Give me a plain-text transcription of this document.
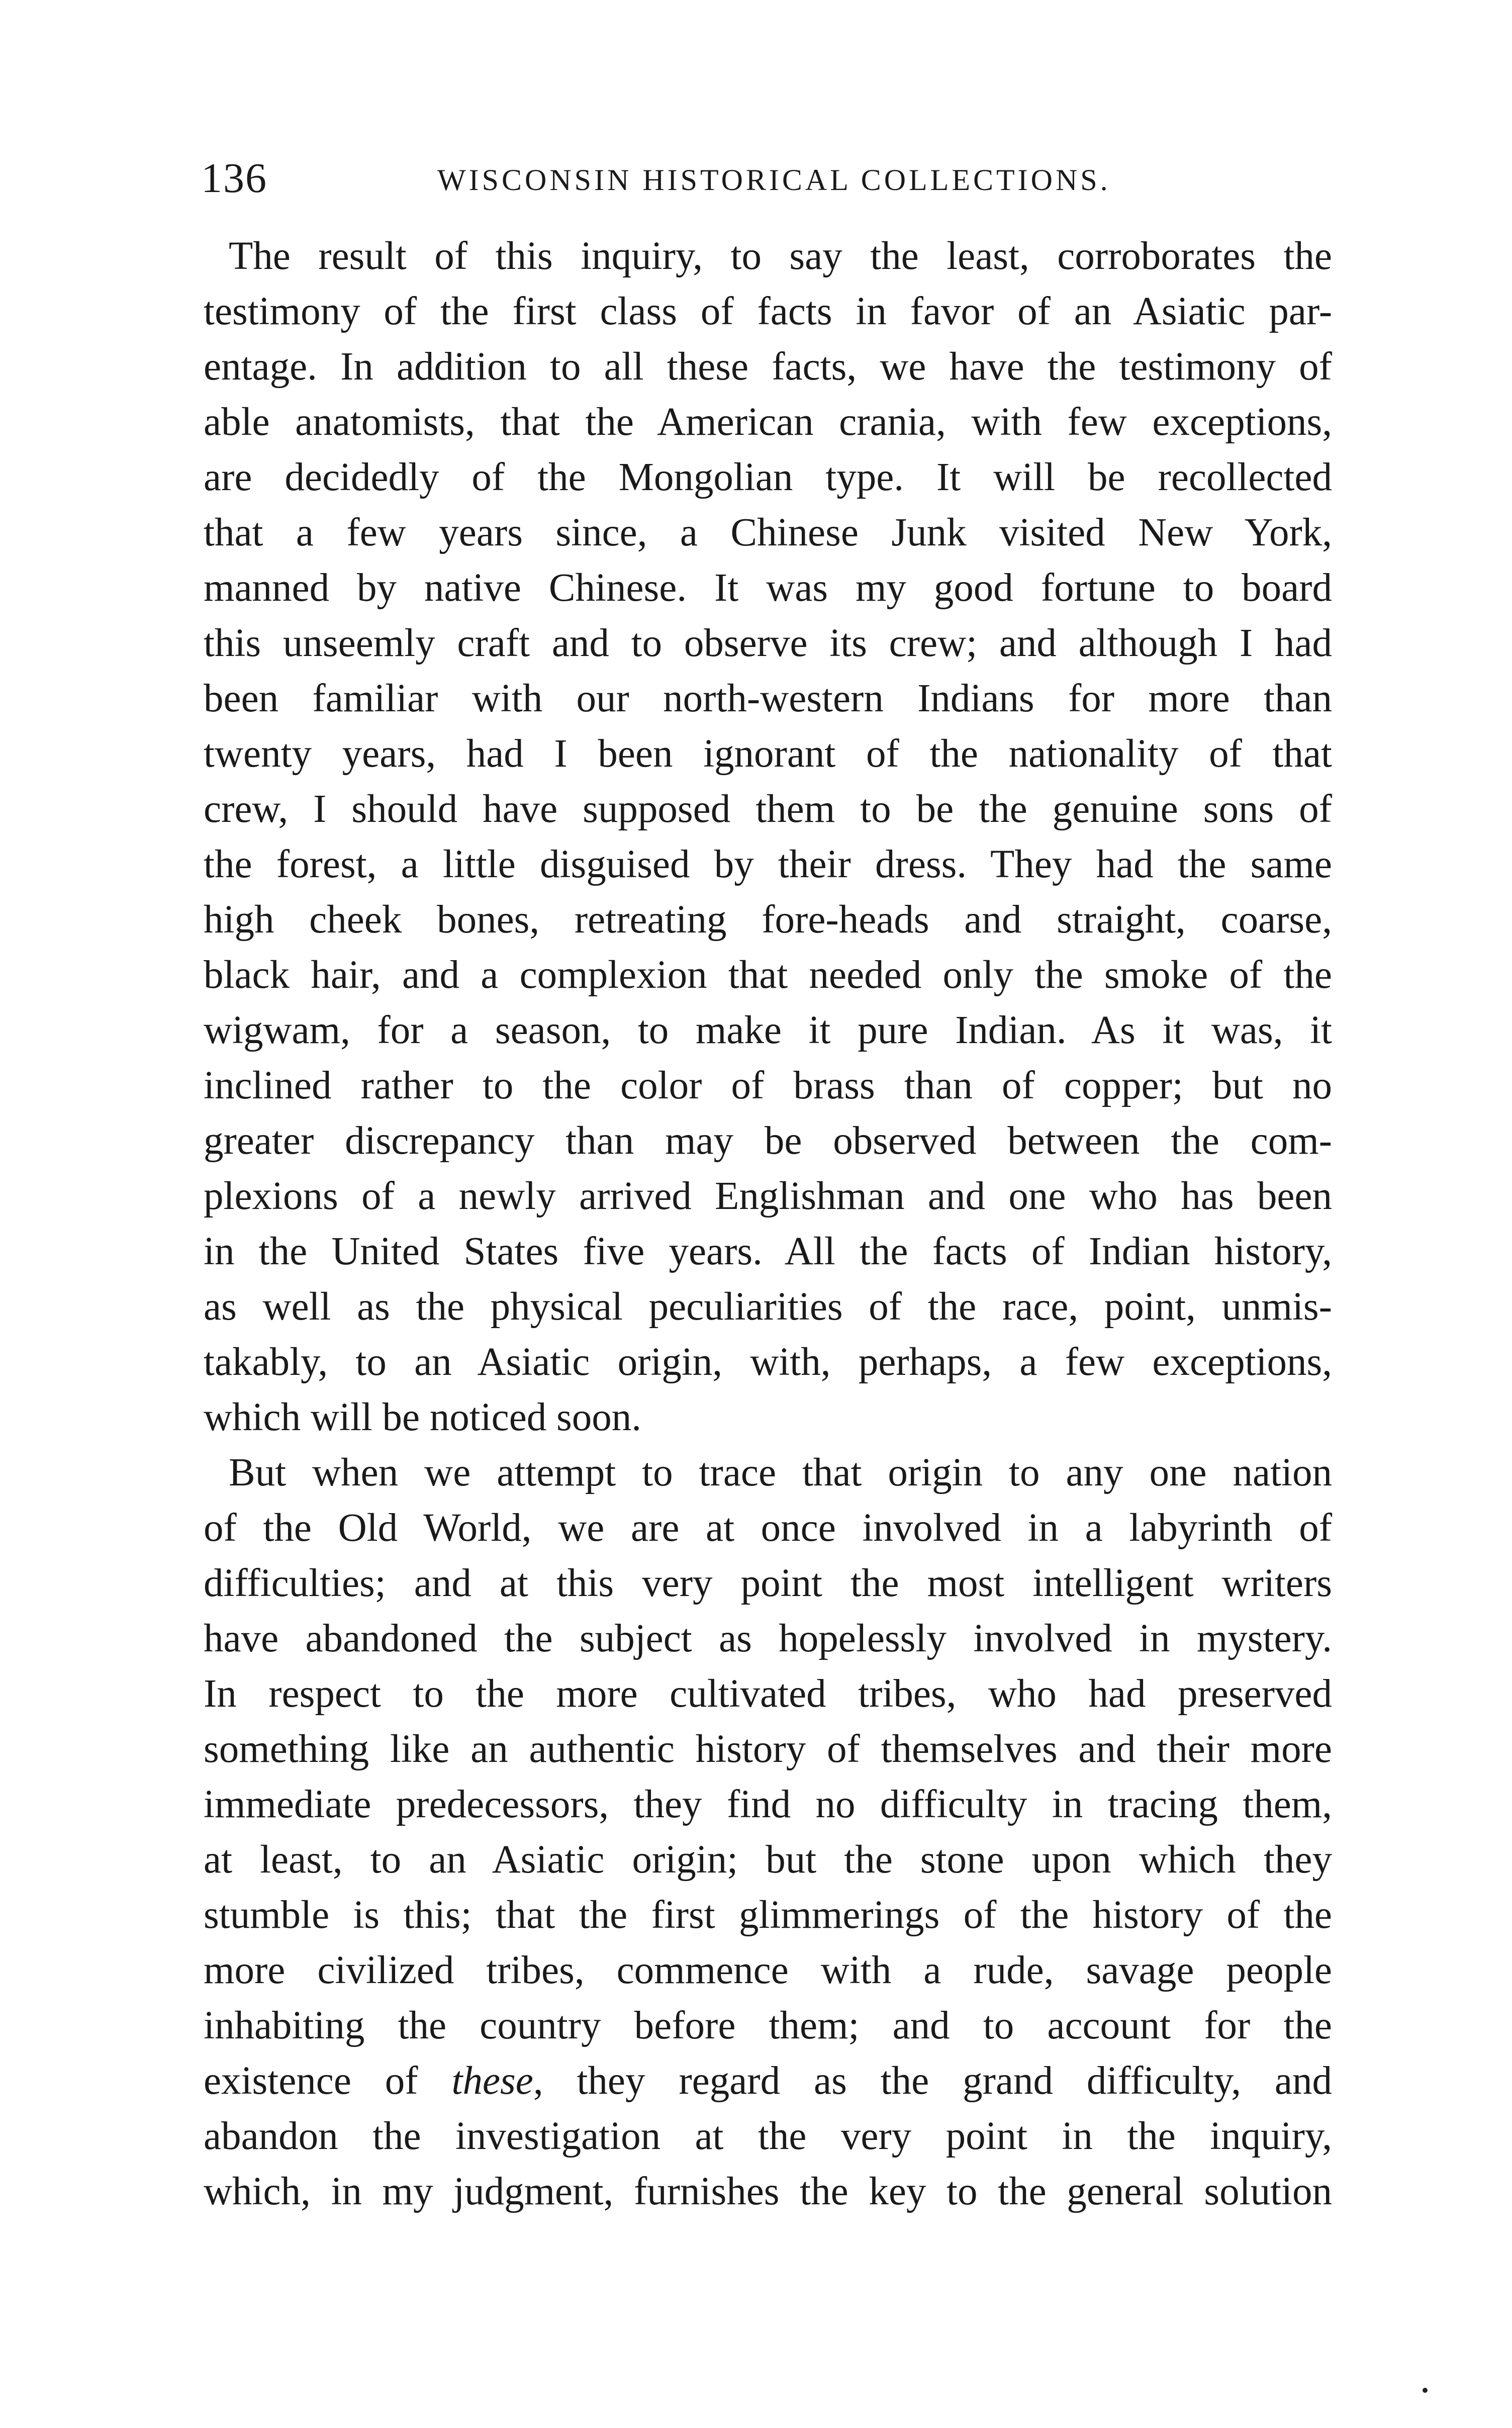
136	WISCONSIN HISTORICAL COLLECTIONS.
The result of this inquiry, to say the least, corroborates the
testimony of the first class of facts in favor of an Asiatic par-
entage. In addition to all these facts, we have the testimony of
able anatomists, that the American crania, with few exceptions,
are decidedly of the Mongolian type. It will be recollected
that a few years since, a Chinese Junk visited New York,
manned by native Chinese. It was my good fortune to board
this unseemly craft and to observe its crew; and although I had
been familiar with our north-western Indians for more than
twenty years, had I been ignorant of the nationality of that
crew, I should have supposed them to be the genuine sons of
the forest, a little disguised by their dress. They had the same
high cheek bones, retreating fore-heads and straight, coarse,
black hair, and a complexion that needed only the smoke of the
wigwam, for a season, to make it pure Indian. As it was, it
inclined rather to the color of brass than of copper; but no
greater discrepancy than may be observed between the com-
plexions of a newly arrived Englishman and one who has been
in the United States five years. All the facts of Indian history,
as well as the physical peculiarities of the race, point, unmis-
takably, to an Asiatic origin, with, perhaps, a few exceptions,
which will be noticed soon.
But when we attempt to trace that origin to any one nation
of the Old World, we are at once involved in a labyrinth of
difficulties; and at this very point the most intelligent writers
have abandoned the subject as hopelessly involved in mystery.
In respect to the more cultivated tribes, who had preserved
something like an authentic history of themselves and their more
immediate predecessors, they find no difficulty in tracing them,
at least, to an Asiatic origin; but the stone upon which they
stumble is this; that the first glimmerings of the history of the
more civilized tribes, commence with a rude, savage people
inhabiting the country before them; and to account for the
existence of these, they regard as the grand difficulty, and
abandon the investigation at the very point in the inquiry,
which, in my judgment, furnishes the key to the general solution
